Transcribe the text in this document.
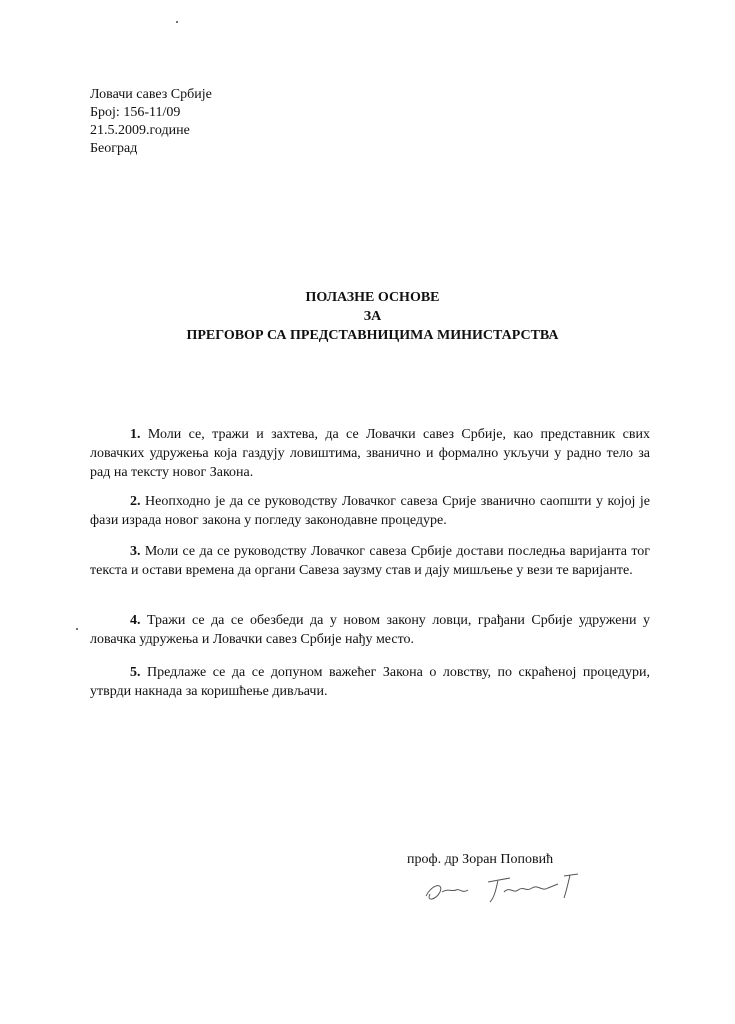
Ловачи савез Србије
Број: 156-11/09
21.5.2009.године
Београд
ПОЛАЗНЕ ОСНОВЕ
ЗА
ПРЕГОВОР СА ПРЕДСТАВНИЦИМА МИНИСТАРСТВА
1. Моли се, тражи и захтева, да се Ловачки савез Србије, као представник свих ловачких удружења која газдују ловиштима, званично и формално укључи у радно тело за рад на тексту новог Закона.
2. Неопходно је да се руководству Ловачког савеза Срије званично саопшти у којој је фази израда новог закона у погледу законодавне процедуре.
3. Моли се да се руководству Ловачког савеза Србије достави последња варијанта тог текста и остави времена да органи Савеза заузму став и дају мишљење у вези те варијанте.
4. Тражи се да се обезбеди да у новом закону ловци, грађани Србије удружени у ловачка удружења и Ловачки савез Србије нађу место.
5. Предлаже се да се допуном важећег Закона о ловству, по скраћеној процедури, утврди накнада за коришћење дивљачи.
проф. др Зоран Поповић
